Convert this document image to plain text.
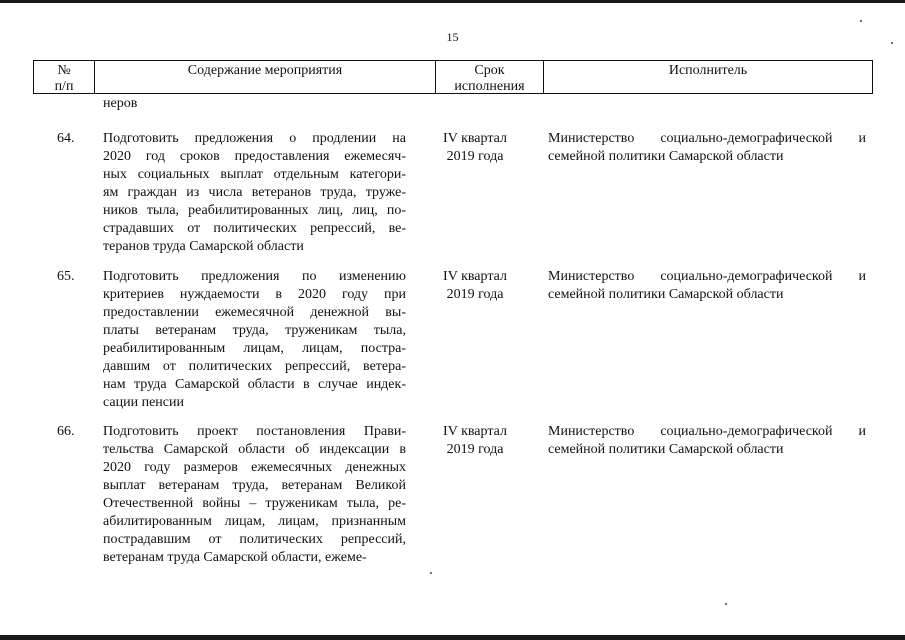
15
№
п/п
Содержание мероприятия	Срок
исполнения
Исполнитель
неров
64. Подготовить предложения о продлении на
2020 год сроков предоставления ежемесяч-
ных социальных выплат отдельным категори-
ям граждан из числа ветеранов труда, труже-
ников тыла, реабилитированных лиц, лиц, по-
страдавших от политических репрессий, ве-
теранов труда Самарской области
IV квартал
2019 года
Министерство социально-демографической и
семейной политики Самарской области
65. Подготовить предложения по изменению
критериев нуждаемости в 2020 году при
предоставлении ежемесячной денежной вы-
платы ветеранам труда, труженикам тыла,
реабилитированным лицам, лицам, постра-
давшим от политических репрессий, ветера-
нам труда Самарской области в случае индек-
сации пенсии
IV квартал
2019 года
Министерство социально-демографической и
семейной политики Самарской области
66. Подготовить проект постановления Прави-
тельства Самарской области об индексации в
2020 году размеров ежемесячных денежных
выплат ветеранам труда, ветеранам Великой
Отечественной войны – труженикам тыла, ре-
абилитированным лицам, лицам, признанным
пострадавшим от политических репрессий,
ветеранам труда Самарской области, ежеме-
IV квартал
2019 года
Министерство социально-демографической и
семейной политики Самарской области
